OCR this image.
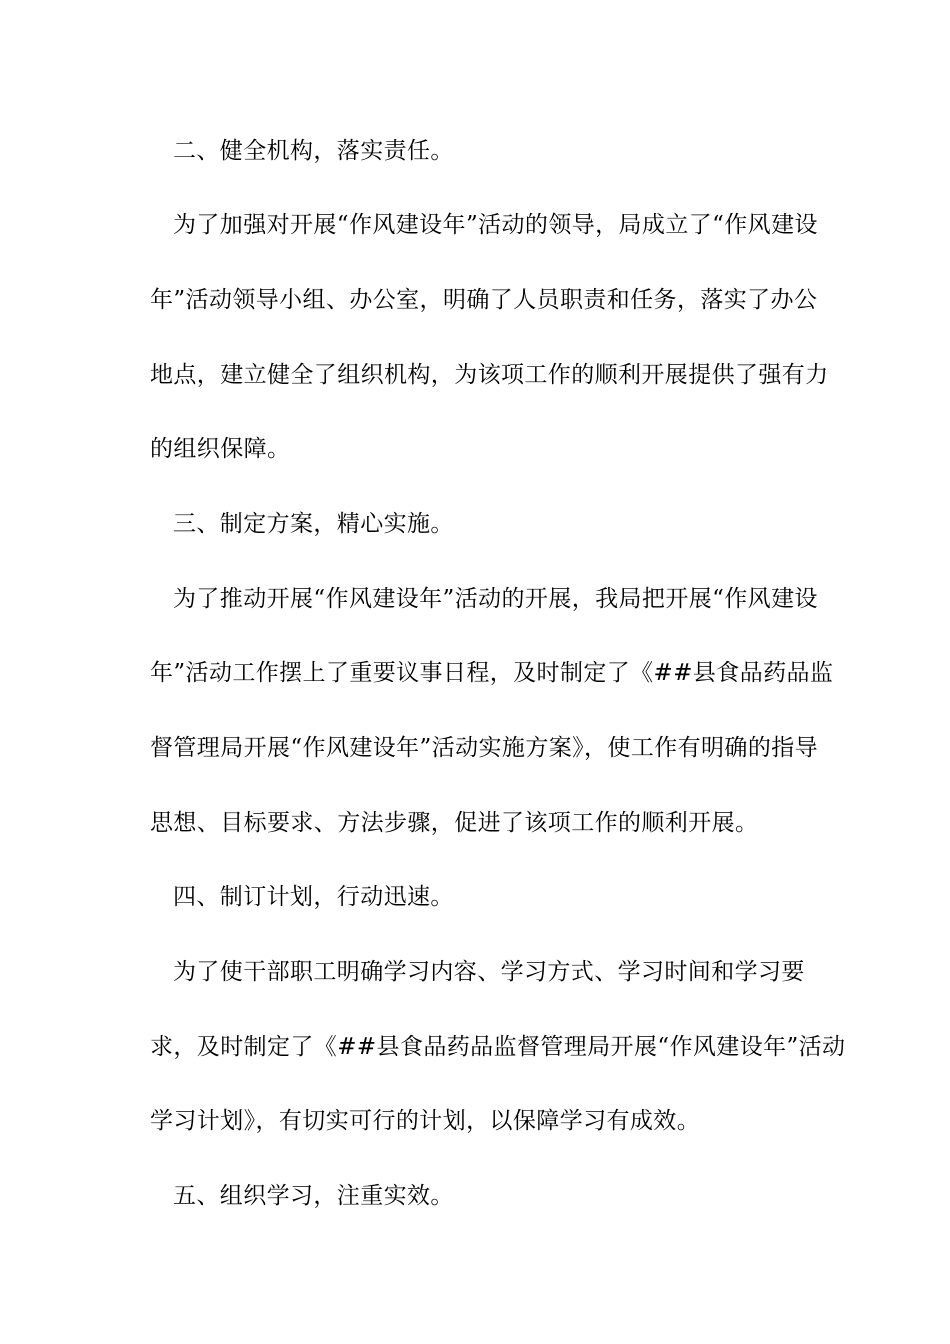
二、健全机构，落实责任。
为了加强对开展“作风建设年”活动的领导，局成立了“作风建设
年”活动领导小组、办公室，明确了人员职责和任务，落实了办公
地点，建立健全了组织机构，为该项工作的顺利开展提供了强有力
的组织保障。
三、制定方案，精心实施。
为了推动开展“作风建设年”活动的开展，我局把开展“作风建设
年”活动工作摆上了重要议事日程，及时制定了《##县食品药品监
督管理局开展“作风建设年”活动实施方案》，使工作有明确的指导
思想、目标要求、方法步骤，促进了该项工作的顺利开展。
四、制订计划，行动迅速。
为了使干部职工明确学习内容、学习方式、学习时间和学习要
求，及时制定了《##县食品药品监督管理局开展“作风建设年”活动
学习计划》，有切实可行的计划，以保障学习有成效。
五、组织学习，注重实效。
